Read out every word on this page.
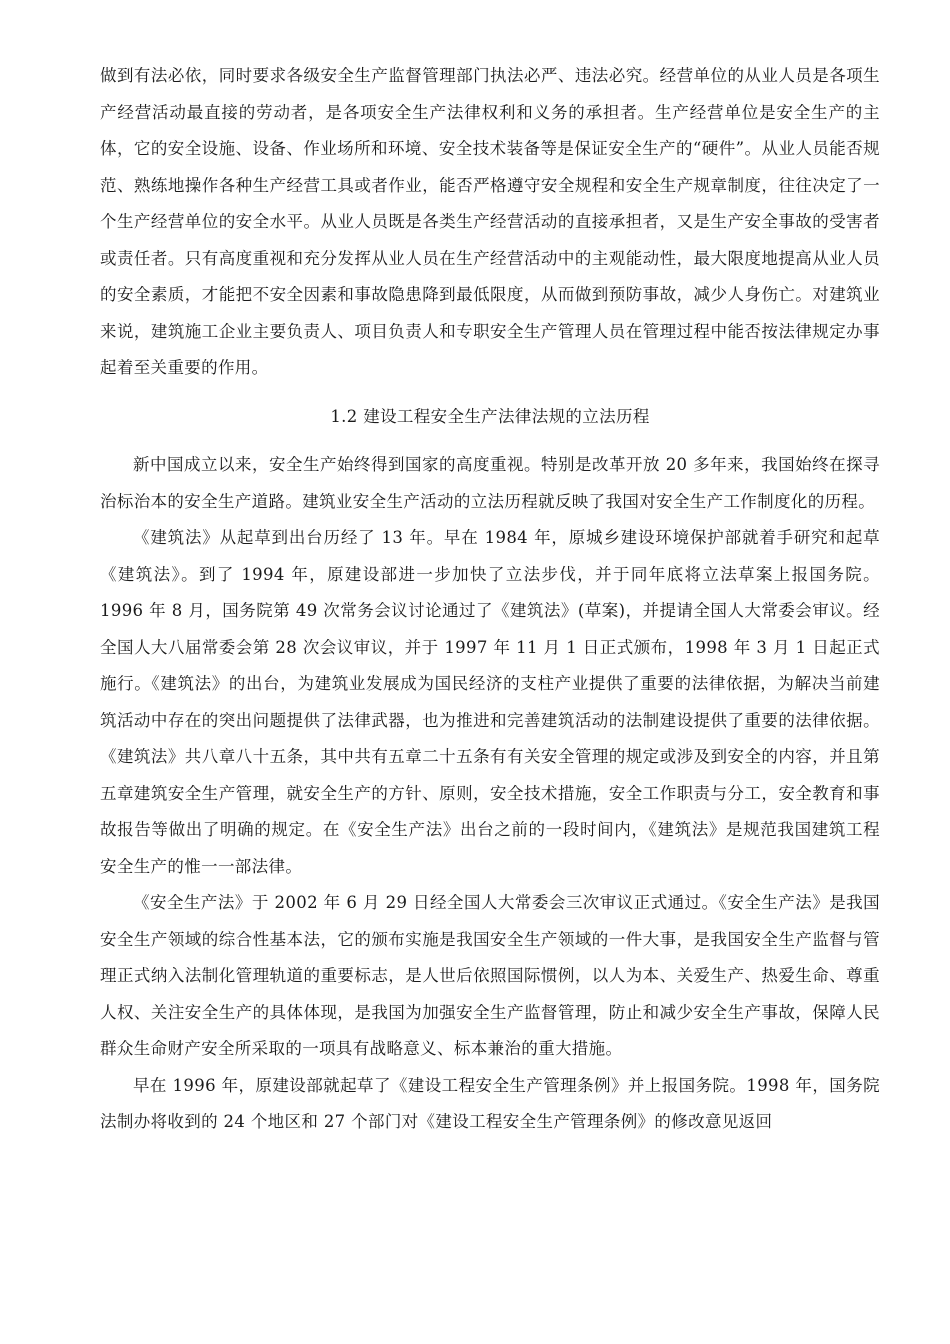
做到有法必依，同时要求各级安全生产监督管理部门执法必严、违法必究。经营单位的从业人员是各项生产经营活动最直接的劳动者，是各项安全生产法律权利和义务的承担者。生产经营单位是安全生产的主体，它的安全设施、设备、作业场所和环境、安全技术装备等是保证安全生产的“硬件”。从业人员能否规范、熟练地操作各种生产经营工具或者作业，能否严格遵守安全规程和安全生产规章制度，往往决定了一个生产经营单位的安全水平。从业人员既是各类生产经营活动的直接承担者，又是生产安全事故的受害者或责任者。只有高度重视和充分发挥从业人员在生产经营活动中的主观能动性，最大限度地提高从业人员的安全素质，才能把不安全因素和事故隐患降到最低限度，从而做到预防事故，减少人身伤亡。对建筑业来说，建筑施工企业主要负责人、项目负责人和专职安全生产管理人员在管理过程中能否按法律规定办事起着至关重要的作用。

1.2 建设工程安全生产法律法规的立法历程

新中国成立以来，安全生产始终得到国家的高度重视。特别是改革开放 20 多年来，我国始终在探寻治标治本的安全生产道路。建筑业安全生产活动的立法历程就反映了我国对安全生产工作制度化的历程。

《建筑法》从起草到出台历经了 13 年。早在 1984 年，原城乡建设环境保护部就着手研究和起草《建筑法》。到了 1994 年，原建设部进一步加快了立法步伐，并于同年底将立法草案上报国务院。1996 年 8 月，国务院第 49 次常务会议讨论通过了《建筑法》(草案)，并提请全国人大常委会审议。经全国人大八届常委会第 28 次会议审议，并于 1997 年 11 月 1 日正式颁布，1998 年 3 月 1 日起正式施行。《建筑法》的出台，为建筑业发展成为国民经济的支柱产业提供了重要的法律依据，为解决当前建筑活动中存在的突出问题提供了法律武器，也为推进和完善建筑活动的法制建设提供了重要的法律依据。《建筑法》共八章八十五条，其中共有五章二十五条有有关安全管理的规定或涉及到安全的内容，并且第五章建筑安全生产管理，就安全生产的方针、原则，安全技术措施，安全工作职责与分工，安全教育和事故报告等做出了明确的规定。在《安全生产法》出台之前的一段时间内，《建筑法》是规范我国建筑工程安全生产的惟一一部法律。

《安全生产法》于 2002 年 6 月 29 日经全国人大常委会三次审议正式通过。《安全生产法》是我国安全生产领域的综合性基本法，它的颁布实施是我国安全生产领域的一件大事，是我国安全生产监督与管理正式纳入法制化管理轨道的重要标志，是人世后依照国际惯例，以人为本、关爱生产、热爱生命、尊重人权、关注安全生产的具体体现，是我国为加强安全生产监督管理，防止和减少安全生产事故，保障人民群众生命财产安全所采取的一项具有战略意义、标本兼治的重大措施。

早在 1996 年，原建设部就起草了《建设工程安全生产管理条例》并上报国务院。1998 年，国务院法制办将收到的 24 个地区和 27 个部门对《建设工程安全生产管理条例》的修改意见返回
